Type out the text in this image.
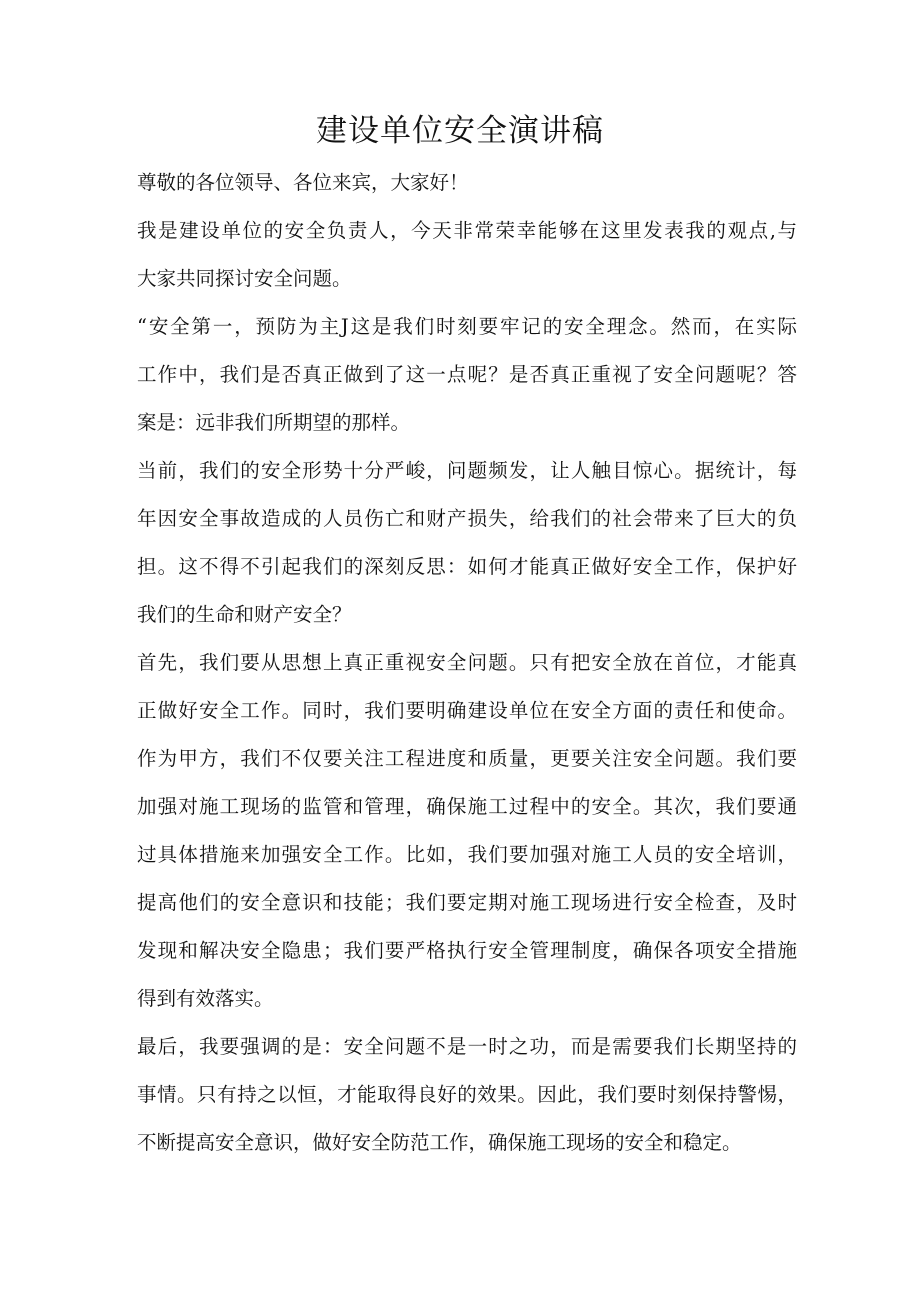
建设单位安全演讲稿

尊敬的各位领导、各位来宾，大家好！

我是建设单位的安全负责人，今天非常荣幸能够在这里发表我的观点,与

大家共同探讨安全问题。

“安全第一，预防为主J这是我们时刻要牢记的安全理念。然而，在实际

工作中，我们是否真正做到了这一点呢？是否真正重视了安全问题呢？答

案是：远非我们所期望的那样。

当前，我们的安全形势十分严峻，问题频发，让人触目惊心。据统计，每

年因安全事故造成的人员伤亡和财产损失，给我们的社会带来了巨大的负

担。这不得不引起我们的深刻反思：如何才能真正做好安全工作，保护好

我们的生命和财产安全？

首先，我们要从思想上真正重视安全问题。只有把安全放在首位，才能真

正做好安全工作。同时，我们要明确建设单位在安全方面的责任和使命。

作为甲方，我们不仅要关注工程进度和质量，更要关注安全问题。我们要

加强对施工现场的监管和管理，确保施工过程中的安全。其次，我们要通

过具体措施来加强安全工作。比如，我们要加强对施工人员的安全培训，

提高他们的安全意识和技能；我们要定期对施工现场进行安全检查，及时

发现和解决安全隐患；我们要严格执行安全管理制度，确保各项安全措施

得到有效落实。

最后，我要强调的是：安全问题不是一时之功，而是需要我们长期坚持的

事情。只有持之以恒，才能取得良好的效果。因此，我们要时刻保持警惕，

不断提高安全意识，做好安全防范工作，确保施工现场的安全和稳定。
